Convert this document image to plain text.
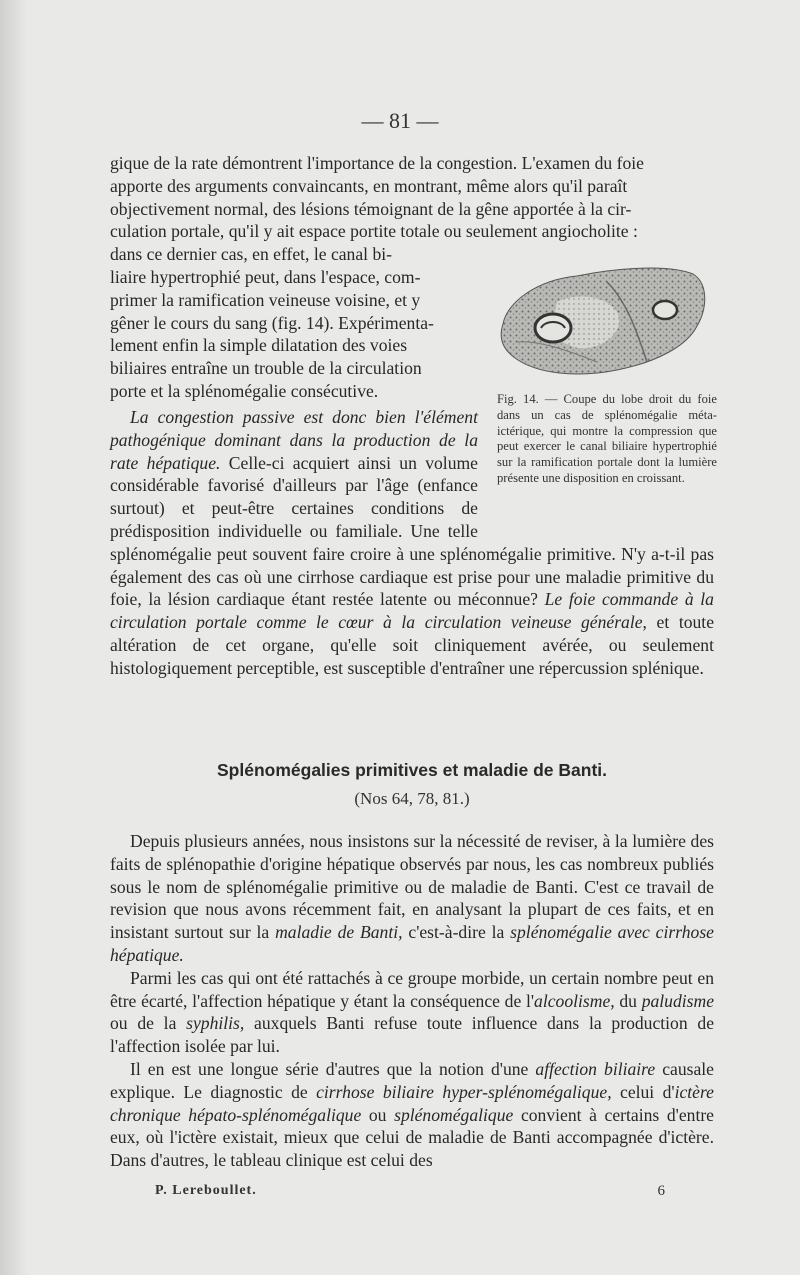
— 81 —

gique de la rate démontrent l'importance de la congestion. L'examen du foie

apporte des arguments convaincants, en montrant, même alors qu'il paraît

objectivement normal, des lésions témoignant de la gêne apportée à la cir-

culation portale, qu'il y ait espace portite totale ou seulement angiocholite :

dans ce dernier cas, en effet, le canal bi-

liaire hypertrophié peut, dans l'espace, com-

primer la ramification veineuse voisine, et y

gêner le cours du sang (fig. 14). Expérimenta-

lement enfin la simple dilatation des voies

biliaires entraîne un trouble de la circulation

porte et la splénomégalie consécutive.

La congestion passive est donc bien l'élément pathogénique dominant dans la production de la rate hépatique. Celle-ci acquiert ainsi un volume considérable favorisé d'ailleurs par l'âge (enfance surtout) et peut-être certaines conditions de prédisposition individuelle ou familiale. Une telle splénomégalie peut souvent faire croire à une splénomégalie primitive. N'y a-t-il pas également des cas où une cirrhose cardiaque est prise pour une maladie primitive du foie, la lésion cardiaque étant restée latente ou méconnue? Le foie commande à la circulation portale comme le cœur à la circulation veineuse générale, et toute altération de cet organe, qu'elle soit cliniquement avérée, ou seulement histologiquement perceptible, est susceptible d'entraîner une répercussion splénique.

Fig. 14. — Coupe du lobe droit du foie dans un cas de splénomégalie méta-ictérique, qui montre la compression que peut exercer le canal biliaire hypertrophié sur la ramification portale dont la lumière présente une disposition en croissant.
Splénomégalies primitives et maladie de Banti.
(Nos 64, 78, 81.)

Depuis plusieurs années, nous insistons sur la nécessité de reviser, à la lumière des faits de splénopathie d'origine hépatique observés par nous, les cas nombreux publiés sous le nom de splénomégalie primitive ou de maladie de Banti. C'est ce travail de revision que nous avons récemment fait, en analysant la plupart de ces faits, et en insistant surtout sur la maladie de Banti, c'est-à-dire la splénomégalie avec cirrhose hépatique.

Parmi les cas qui ont été rattachés à ce groupe morbide, un certain nombre peut en être écarté, l'affection hépatique y étant la conséquence de l'alcoolisme, du paludisme ou de la syphilis, auxquels Banti refuse toute influence dans la production de l'affection isolée par lui.

Il en est une longue série d'autres que la notion d'une affection biliaire causale explique. Le diagnostic de cirrhose biliaire hyper-splénomégalique, celui d'ictère chronique hépato-splénomégalique ou splénomégalique convient à certains d'entre eux, où l'ictère existait, mieux que celui de maladie de Banti accompagnée d'ictère. Dans d'autres, le tableau clinique est celui des

P. Lereboullet.	6
